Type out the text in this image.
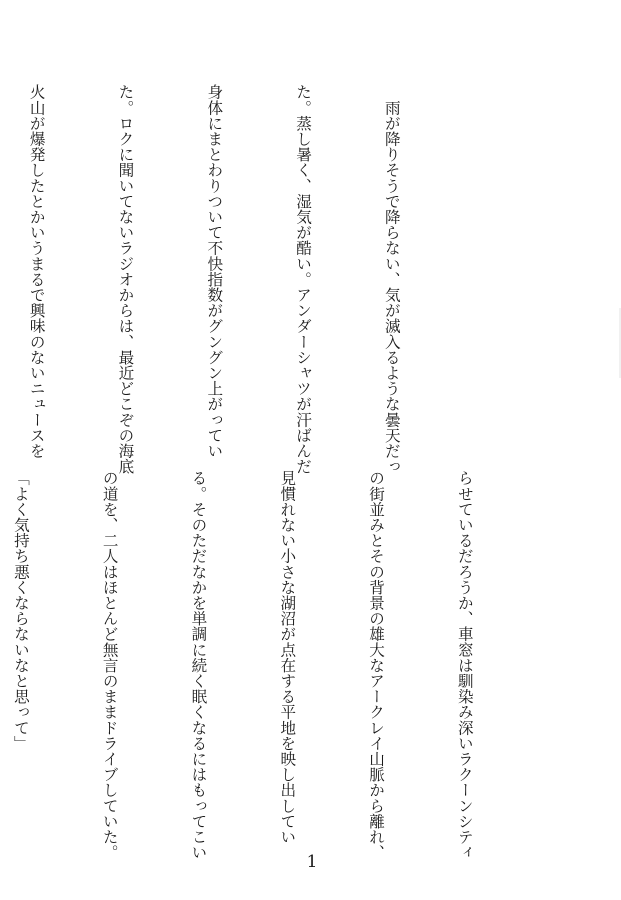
　雨が降りそうで降らない、気が滅入るような曇天だっ

た。蒸し暑く、湿気が酷い。アンダーシャツが汗ばんだ

身体にまとわりついて不快指数がグングン上がってい

た。ロクに聞いてないラジオからは、最近どこぞの海底

火山が爆発したとかいうまるで興味のないニュースを

らせているだろうか、車窓は馴染み深いラクーンシティ

の街並みとその背景の雄大なアークレイ山脈から離れ、

見慣れない小さな湖沼が点在する平地を映し出してい

る。そのただなかを単調に続く眠くなるにはもってこい

の道を、二人はほとんど無言のままドライブしていた。

「よく気持ち悪くならないなと思って」

1
